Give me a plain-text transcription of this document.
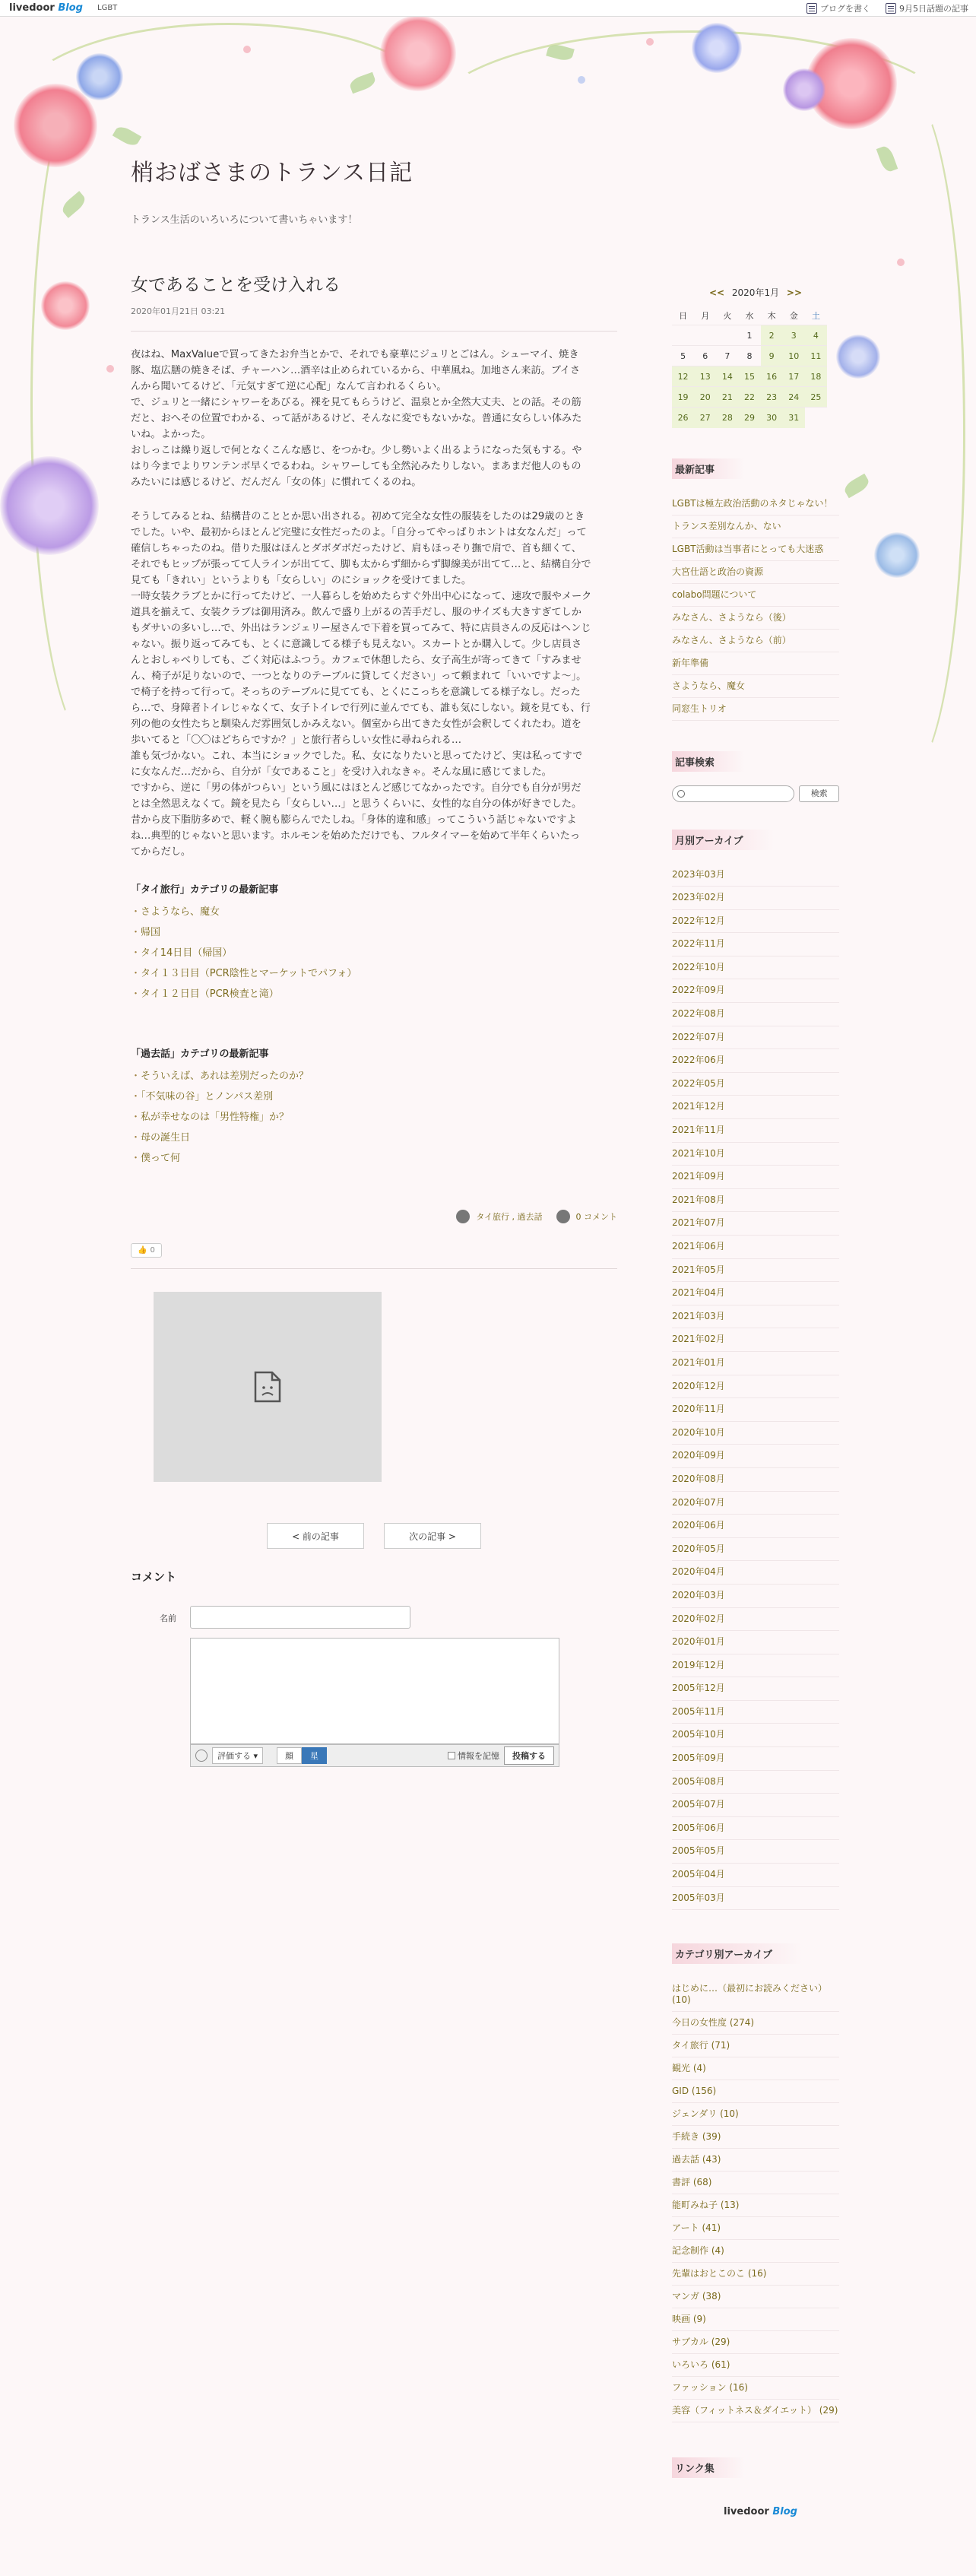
livedoor Blog LGBT	ブログを書く	9月5日話題の記事
梢おばさまのトランス日記
トランス生活のいろいろについて書いちゃいます！
女であることを受け入れる
2020年01月21日 03:21

夜はね、MaxValueで買ってきたお弁当とかで、それでも豪華にジュリとごはん。シューマイ、焼き
豚、塩広膳の焼きそば、チャーハン…酒辛は止められているから、中華風ね。加地さん来訪。ブイさ
んから聞いてるけど、「元気すぎて逆に心配」なんて言われるくらい。
で、ジュリと一緒にシャワーをあびる。裸を見てもらうけど、温泉とか全然大丈夫、との話。その筋
だと、おへその位置でわかる、って話があるけど、そんなに変でもないかな。普通に女らしい体みた
いね。よかった。
おしっこは繰り返しで何となくこんな感じ、をつかむ。少し勢いよく出るようになった気もする。や
はり今までよりワンテンポ早くでるわね。シャワーしても全然沁みたりしない。まあまだ他人のもの
みたいには感じるけど、だんだん「女の体」に慣れてくるのね。

そうしてみるとね、結構昔のこととか思い出される。初めて完全な女性の服装をしたのは29歳のとき
でした。いや、最初からほとんど完璧に女性だったのよ。「自分ってやっぱりホントは女なんだ」って
確信しちゃったのね。借りた服はほんとダボダボだったけど、肩もほっそり撫で肩で、首も細くて、
それでもヒップが張ってて人ラインが出てて、脚も太からず細からず脚線美が出てて…と、結構自分で
見ても「きれい」というよりも「女らしい」のにショックを受けてました。
一時女装クラブとかに行ってたけど、一人暮らしを始めたらすぐ外出中心になって、速攻で服やメーク
道具を揃えて、女装クラブは御用済み。飲んで盛り上がるの苦手だし、服のサイズも大きすぎてしか
もダサいの多いし…で、外出はランジェリー屋さんで下着を買ってみて、特に店員さんの反応はヘンじ
ゃない。振り返ってみても、とくに意識してる様子も見えない。スカートとか購入して。少し店員さ
んとおしゃべりしても、ごく対応はふつう。カフェで休憩したら、女子高生が寄ってきて「すみませ
ん、椅子が足りないので、一つとなりのテーブルに貸してください」って頼まれて「いいですよ～」。
で椅子を持って行って。そっちのテーブルに見てても、とくにこっちを意識してる様子なし。だった
ら…で、身障者トイレじゃなくて、女子トイレで行列に並んでても、誰も気にしない。鏡を見ても、行
列の他の女性たちと馴染んだ雰囲気しかみえない。個室から出てきた女性が会釈してくれたわ。道を
歩いてると「〇〇はどちらですか？」と旅行者らしい女性に尋ねられる…
誰も気づかない。これ、本当にショックでした。私、女になりたいと思ってたけど、実は私ってすで
に女なんだ…だから、自分が「女であること」を受け入れなきゃ。そんな風に感じてました。
ですから、逆に「男の体がつらい」という風にはほとんど感じてなかったです。自分でも自分が男だ
とは全然思えなくて。鏡を見たら「女らしい…」と思うくらいに、女性的な自分の体が好きでした。
昔から皮下脂肪多めで、軽く腕も膨らんでたしね。「身体的違和感」ってこういう話じゃないですよ
ね…典型的じゃないと思います。ホルモンを始めただけでも、フルタイマーを始めて半年くらいたっ
てからだし。

「タイ旅行」カテゴリの最新記事
・ さようなら、魔女
・ 帰国
・ タイ14日目（帰国）
・ タイ１３日目（PCR陰性とマーケットでパフォ）
・ タイ１２日目（PCR検査と滝）
「過去話」カテゴリの最新記事
・ そういえば、あれは差別だったのか？
・ 「不気味の谷」とノンパス差別
・ 私が幸せなのは「男性特権」か？
・ 母の誕生日
・ 僕って何
タイ旅行 , 過去話	0 コメント
👍 0
< 前の記事	次の記事 >
コメント
名前
評価する ▾	顔	星	情報を記憶	投稿する
<< 2020年1月 >>
日	月	火	水	木	金	土
			1	2	3	4
5	6	7	8	9	10	11
12	13	14	15	16	17	18
19	20	21	22	23	24	25
26	27	28	29	30	31	
最新記事
LGBTは極左政治活動のネタじゃない！
トランス差別なんか、ない
LGBT活動は当事者にとっても大迷惑
大宮仕語と政治の資源
colabo問題について
みなさん、さようなら（後）
みなさん、さようなら（前）
新年準備
さようなら、魔女
同窓生トリオ
記事検索
検索
月別アーカイブ
2023年03月
2023年02月
2022年12月
2022年11月
2022年10月
2022年09月
2022年08月
2022年07月
2022年06月
2022年05月
2021年12月
2021年11月
2021年10月
2021年09月
2021年08月
2021年07月
2021年06月
2021年05月
2021年04月
2021年03月
2021年02月
2021年01月
2020年12月
2020年11月
2020年10月
2020年09月
2020年08月
2020年07月
2020年06月
2020年05月
2020年04月
2020年03月
2020年02月
2020年01月
2019年12月
2005年12月
2005年11月
2005年10月
2005年09月
2005年08月
2005年07月
2005年06月
2005年05月
2005年04月
2005年03月
カテゴリ別アーカイブ
はじめに…（最初にお読みください） (10)
今日の女性度 (274)
タイ旅行 (71)
観光 (4)
GID (156)
ジェンダリ (10)
手続き (39)
過去話 (43)
書評 (68)
能町みね子 (13)
アート (41)
記念制作 (4)
先輩はおとこのこ (16)
マンガ (38)
映画 (9)
サブカル (29)
いろいろ (61)
ファッション (16)
美容（フィットネス＆ダイエット） (29)
リンク集
livedoor Blog
